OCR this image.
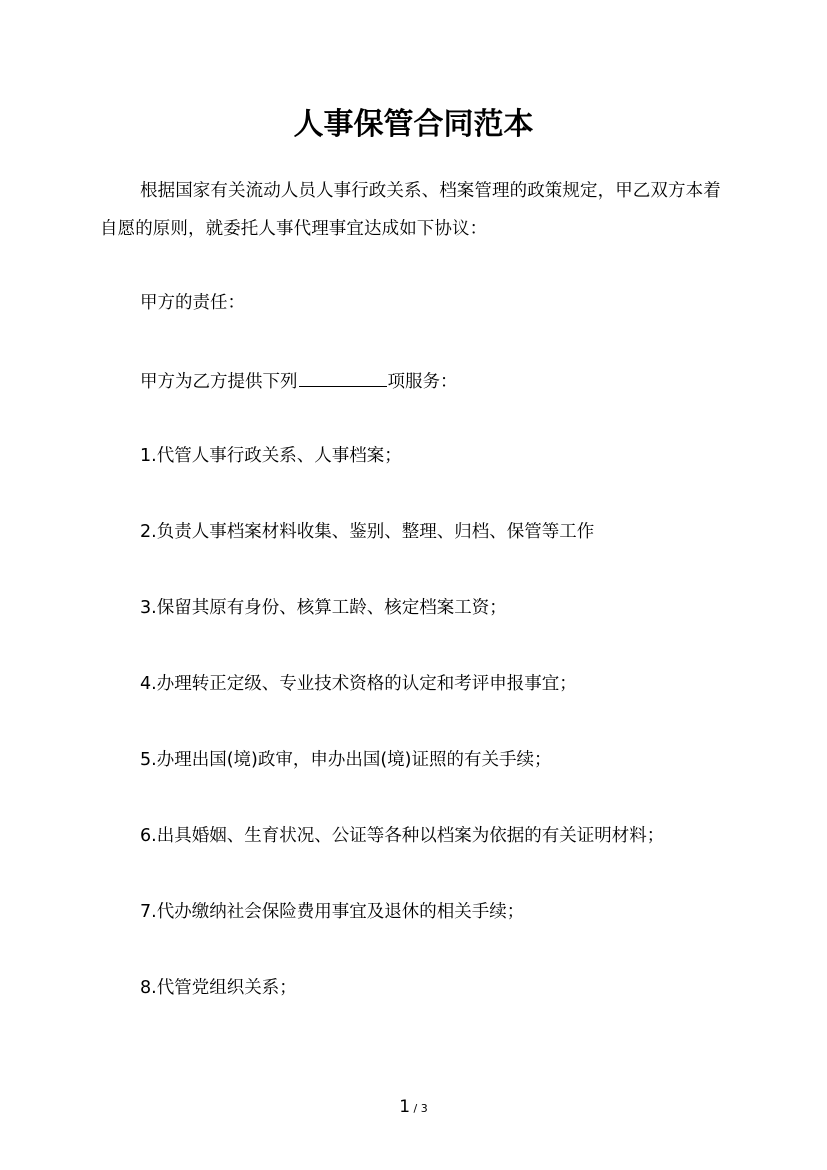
人事保管合同范本

根据国家有关流动人员人事行政关系、档案管理的政策规定，甲乙双方本着自愿的原则，就委托人事代理事宜达成如下协议：

甲方的责任：

甲方为乙方提供下列	项服务：

1.代管人事行政关系、人事档案；

2.负责人事档案材料收集、鉴别、整理、归档、保管等工作

3.保留其原有身份、核算工龄、核定档案工资；

4.办理转正定级、专业技术资格的认定和考评申报事宜；

5.办理出国(境)政审，申办出国(境)证照的有关手续；

6.出具婚姻、生育状况、公证等各种以档案为依据的有关证明材料；

7.代办缴纳社会保险费用事宜及退休的相关手续；

8.代管党组织关系；

1 / 3
